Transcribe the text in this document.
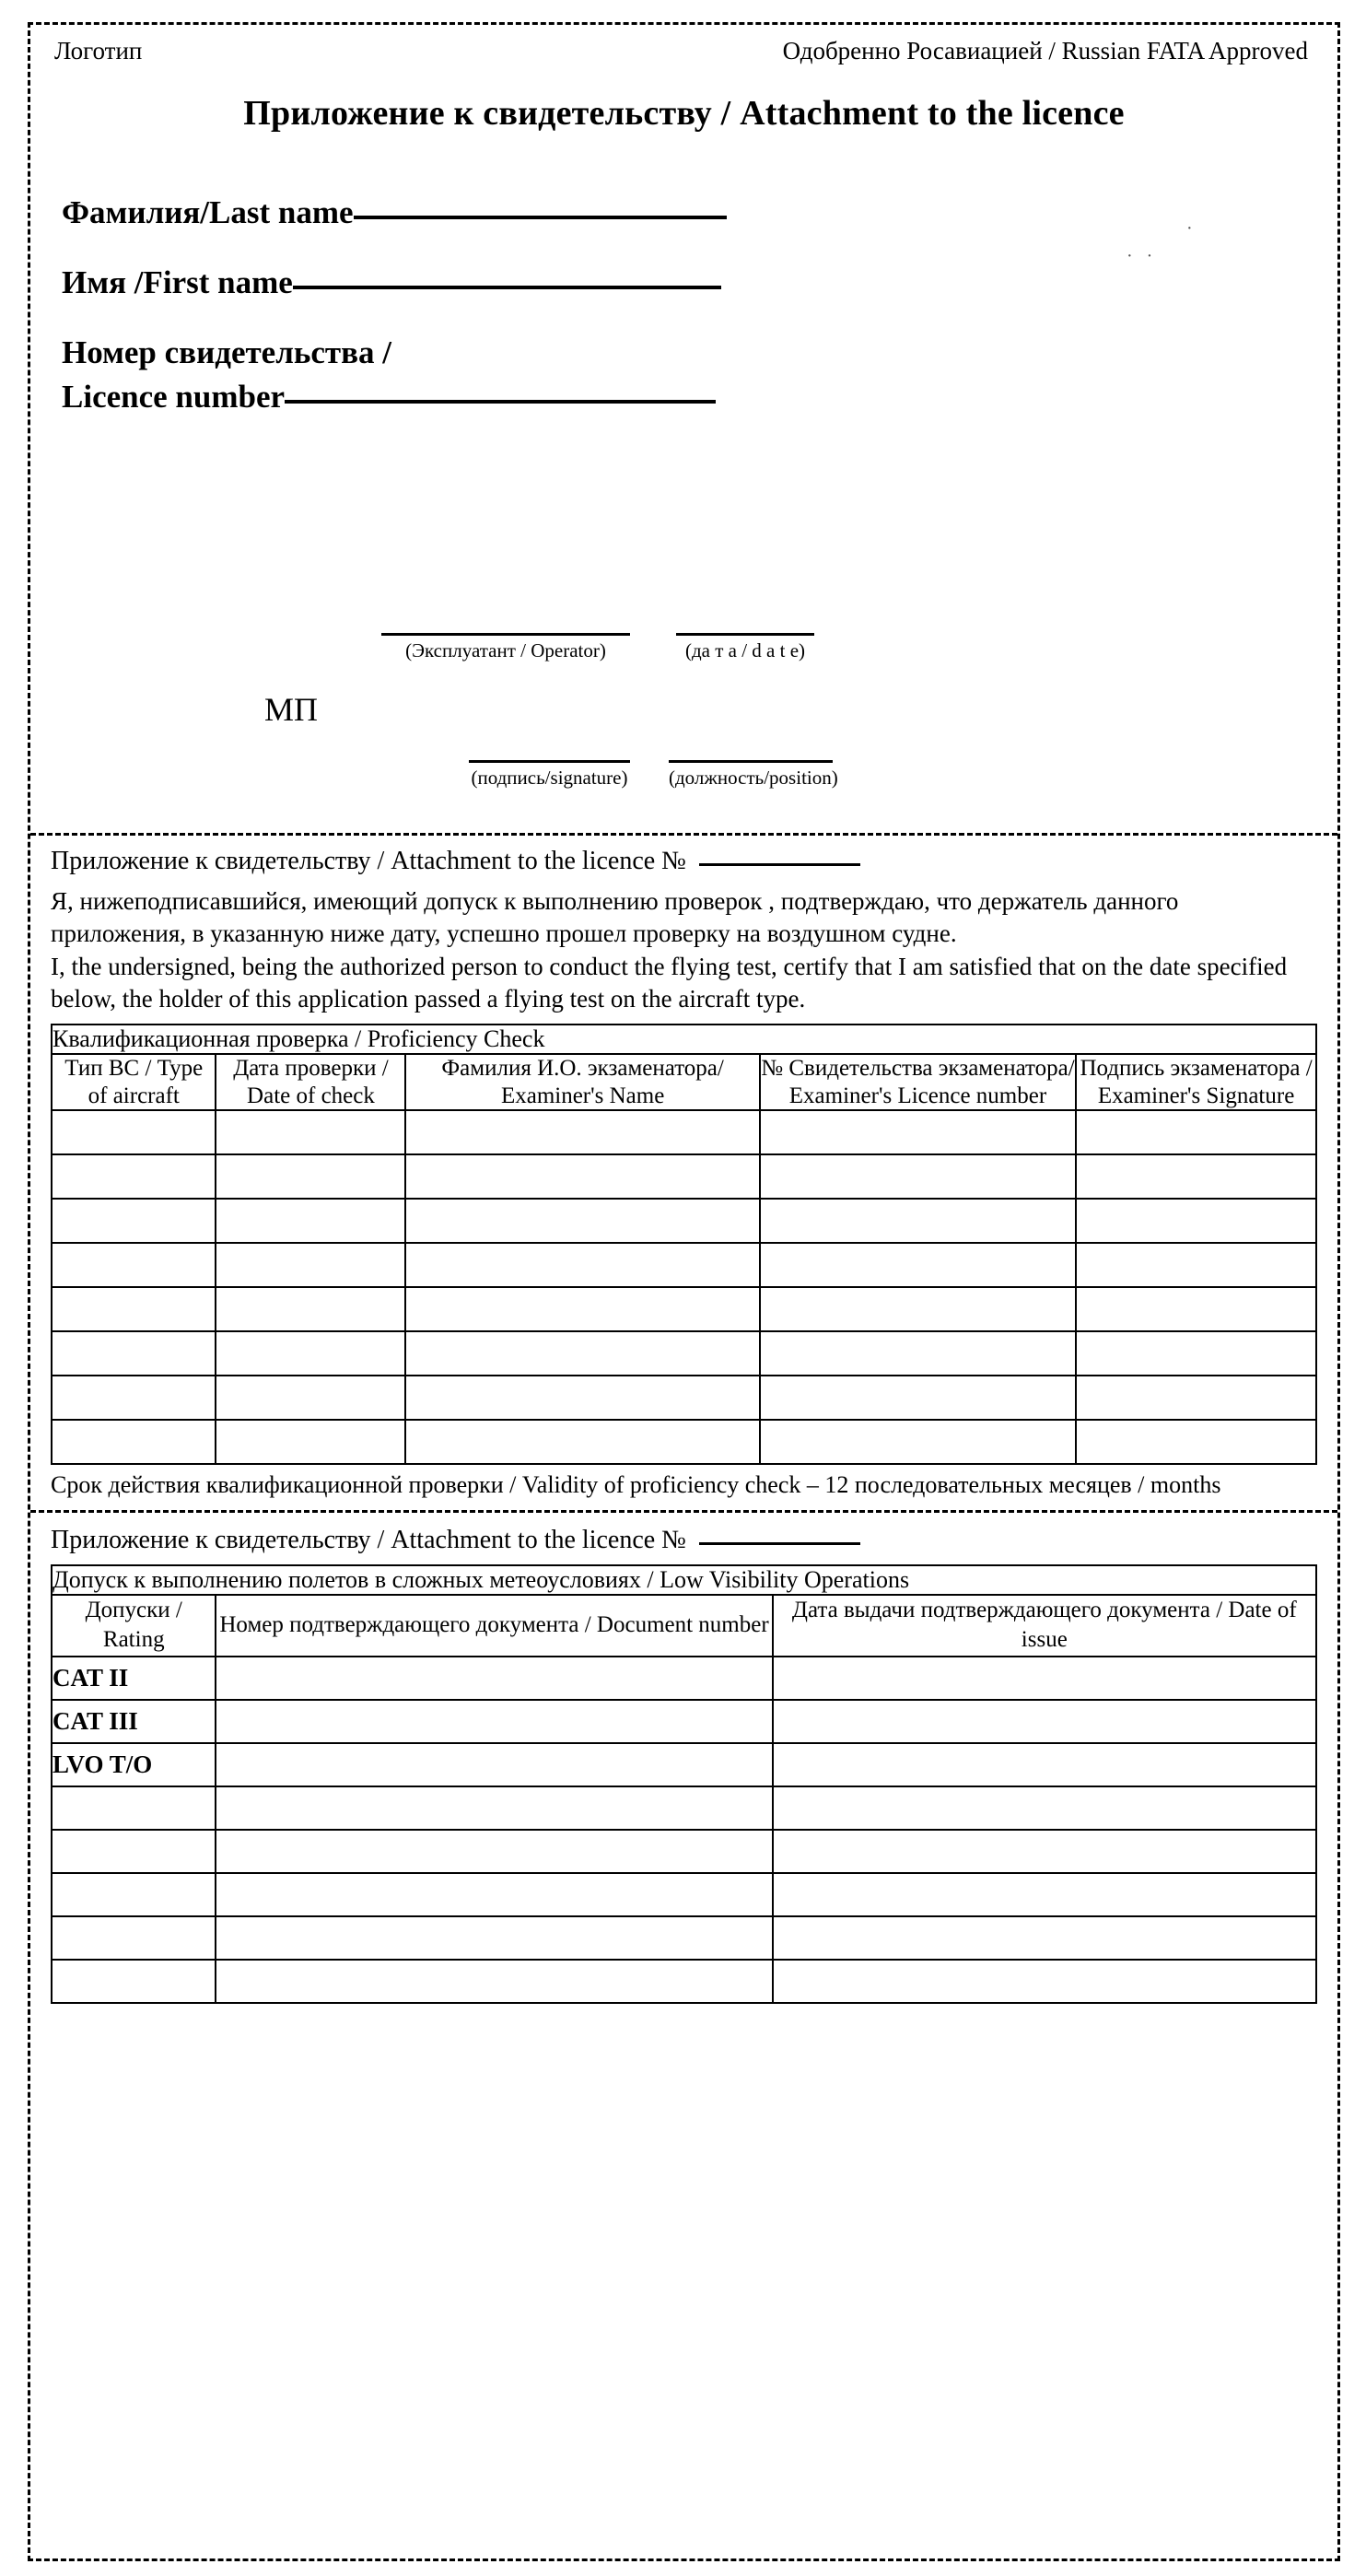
Логотип	Одобренно Росавиацией / Russian FATA Approved
Приложение к свидетельству / Attachment to the licence
Фамилия/Last name
Имя /First name
Номер свидетельства /
Licence number
· ·
·
МП
(Эксплуатант / Operator)	(да т а / d a t e)
(подпись/signature) (должность/position)
Приложение к свидетельству / Attachment to the licence №

Я, нижеподписавшийся, имеющий допуск к выполнению проверок , подтверждаю, что держатель данного приложения, в указанную ниже дату, успешно прошел проверку на воздушном судне.

I, the undersigned, being the authorized person to conduct the flying test, certify that I am satisfied that on the date specified below, the holder of this application passed a flying test on the aircraft type.

Квалификационная проверка / Proficiency Check				
Тип ВС / Type of aircraft	Дата проверки / Date of check	Фамилия И.О. экзаменатора/ Examiner's Name	№ Свидетельства экзаменатора/ Examiner's Licence number	Подпись экзаменатора / Examiner's Signature

Срок действия квалификационной проверки / Validity of proficiency check – 12 последовательных месяцев / months
Приложение к свидетельству / Attachment to the licence №
Допуск к выполнению полетов в сложных метеоусловиях / Low Visibility Operations		
Допуски / Rating	Номер подтверждающего документа / Document number	Дата выдачи подтверждающего документа / Date of issue
CAT II		
CAT III		
LVO T/O		
